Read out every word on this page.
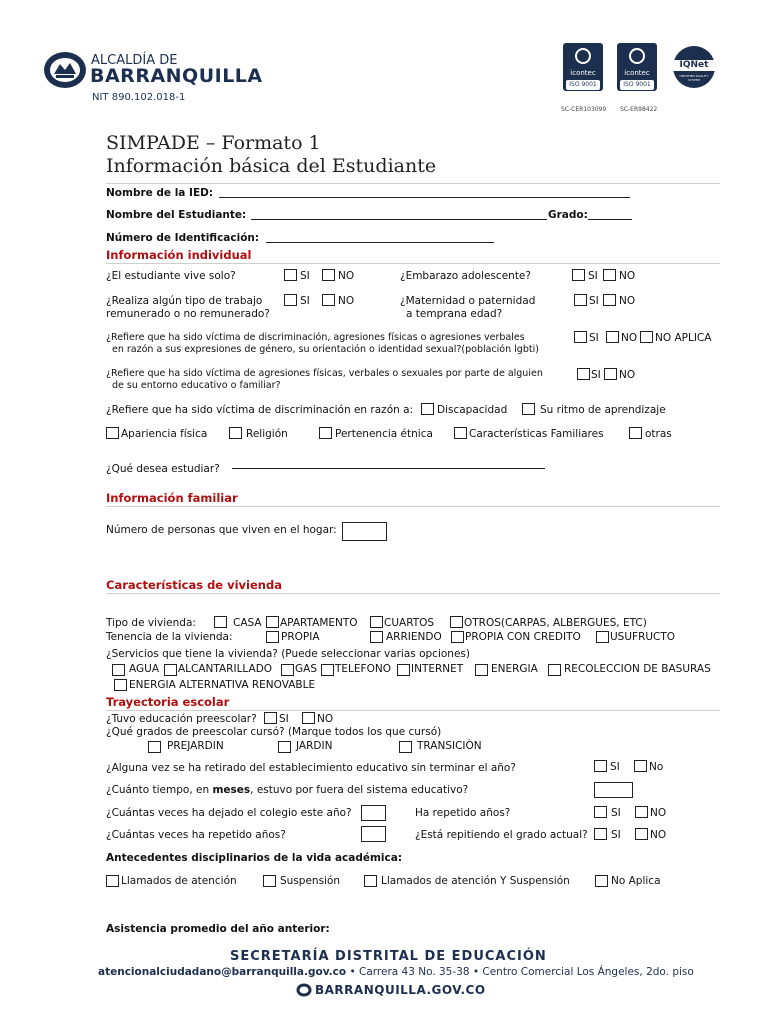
ALCALDÍA DE
BARRANQUILLA
NIT 890.102.018-1
icontec
ISO 9001
SC-CER103099
icontec
ISO 9001
SC-ER98422
IQNet
CERTIFIED QUALITY SYSTEM
SIMPADE – Formato 1
Información básica del Estudiante
Nombre de la IED:
Nombre del Estudiante:	Grado:
Número de Identificación:
Información individual
¿El estudiante vive solo?	SI	NO	¿Embarazo adolescente?	SI NO
¿Realiza algún tipo de trabajo
remunerado o no remunerado?
SI	NO	¿Maternidad o paternidad
a temprana edad?
SI NO
¿Refiere que ha sido víctima de discriminación, agresiones físicas o agresiones verbales
en razón a sus expresiones de género, su orientación o identidad sexual?(población lgbti)
SI NO NO APLICA
¿Refiere que ha sido víctima de agresiones físicas, verbales o sexuales por parte de alguien
de su entorno educativo o familiar?
SI NO
¿Refiere que ha sido víctima de discriminación en razón a: Discapacidad	Su ritmo de aprendizaje
Apariencia física	Religión	Pertenencia étnica	Características Familiares	otras
¿Qué desea estudiar?
Información familiar
Número de personas que viven en el hogar:
Características de vivienda
Tipo de vivienda:	CASA APARTAMENTO	CUARTOS	OTROS(CARPAS, ALBERGUES, ETC)
Tenencia de la vivienda:	PROPIA	ARRIENDO PROPIA CON CREDITO	USUFRUCTO
¿Servicios que tiene la vivienda? (Puede seleccionar varias opciones)
AGUA ALCANTARILLADO GAS TELEFONO INTERNET	ENERGIA RECOLECCION DE BASURAS
ENERGIA ALTERNATIVA RENOVABLE
Trayectoria escolar
¿Tuvo educación preescolar? SI	NO
¿Qué grados de preescolar cursó? (Marque todos los que cursó)
PREJARDIN	JARDIN	TRANSICIÒN
¿Alguna vez se ha retirado del establecimiento educativo sin terminar el año?	SI	No
¿Cuánto tiempo, en meses, estuvo por fuera del sistema educativo?
¿Cuántas veces ha dejado el colegio este año?	Ha repetido años?	SI	NO
¿Cuántas veces ha repetido años?	¿Está repitiendo el grado actual? SI	NO
Antecedentes disciplinarios de la vida académica:
Llamados de atención	Suspensión	Llamados de atención Y Suspensión	No Aplica
Asistencia promedio del año anterior:
SECRETARÍA DISTRITAL DE EDUCACIÓN
atencionalciudadano@barranquilla.gov.co • Carrera 43 No. 35-38 • Centro Comercial Los Ángeles, 2do. piso
BARRANQUILLA.GOV.CO
